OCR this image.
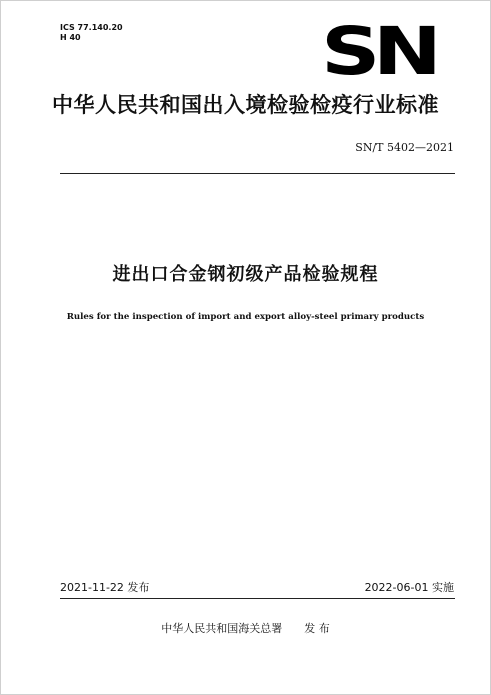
ICS 77.140.20
H 40	SN
中华人民共和国出入境检验检疫行业标准
SN/T 5402—2021
进出口合金钢初级产品检验规程
Rules for the inspection of import and export alloy-steel primary products
2021-11-22 发布	2022-06-01 实施
中华人民共和国海关总署 发 布
